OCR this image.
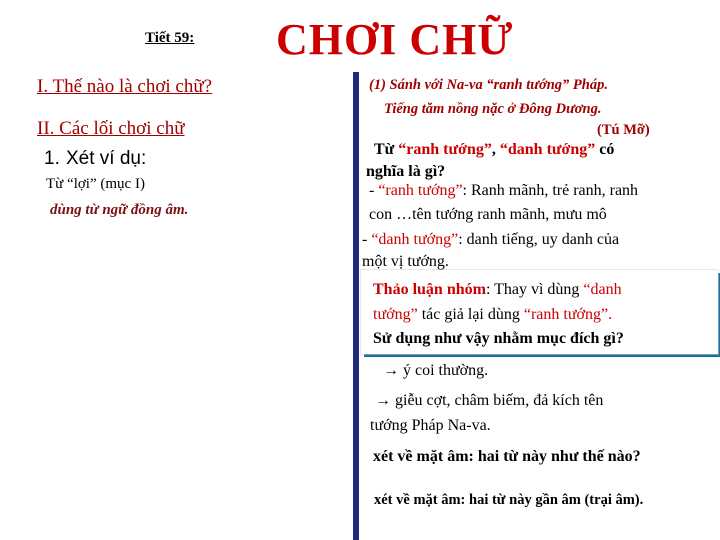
Tiết 59: CHƠI CHỮ
I. Thế nào là chơi chữ?
II. Các lối chơi chữ
1. Xét ví dụ:
Từ “lợi” (mục I)
dùng từ ngữ đồng âm.
(1) Sánh với Na-va “ranh tướng” Pháp.
Tiếng tăm nồng nặc ở Đông Dương.
(Tú Mỡ)
Từ “ranh tướng”, “danh tướng” có
nghĩa là gì?
- “ranh tướng”: Ranh mãnh, trẻ ranh, ranh
con …tên tướng ranh mãnh, mưu mô
- “danh tướng”: danh tiếng, uy danh của
một vị tướng.
Thảo luận nhóm: Thay vì dùng “danh
tướng” tác giả lại dùng “ranh tướng”.
Sử dụng như vậy nhằm mục đích gì?
→ ý coi thường.
→ giễu cợt, châm biếm, đả kích tên
tướng Pháp Na-va.
xét về mặt âm: hai từ này như thế nào?
xét về mặt âm: hai từ này gần âm (trại âm).
